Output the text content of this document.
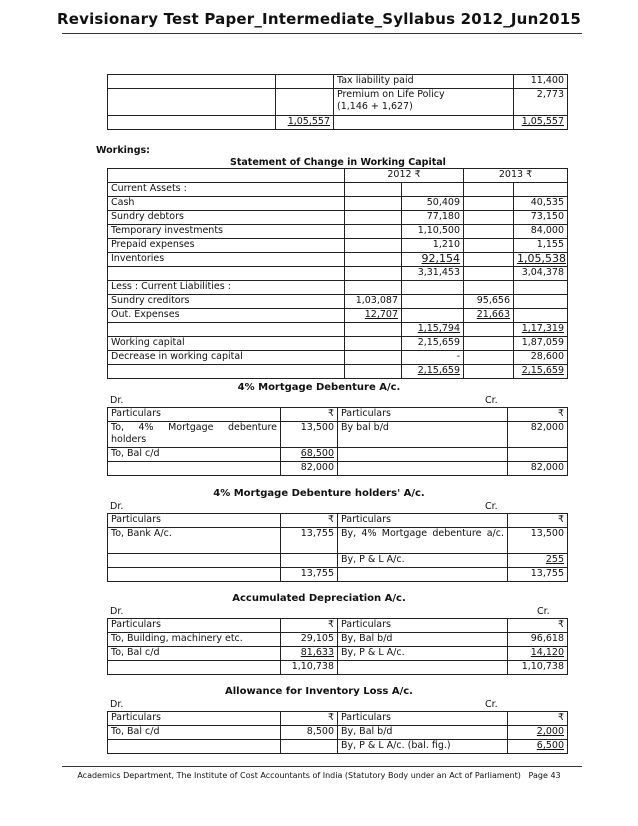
Revisionary Test Paper_Intermediate_Syllabus 2012_Jun2015
		Tax liability paid	11,400
		Premium on Life Policy
(1,146 + 1,627)	2,773
	1,05,557		1,05,557
Workings:
Statement of Change in Working Capital
	2012 ₹		2013 ₹	
Current Assets :				
Cash		50,409		40,535
Sundry debtors		77,180		73,150
Temporary investments		1,10,500		84,000
Prepaid expenses		1,210		1,155
Inventories		92,154		1,05,538
		3,31,453		3,04,378
Less : Current Liabilities :				
Sundry creditors	1,03,087		95,656	
Out. Expenses	12,707		21,663	
		1,15,794		1,17,319
Working capital		2,15,659		1,87,059
Decrease in working capital		-		28,600
		2,15,659		2,15,659
4% Mortgage Debenture A/c.
Dr.	Cr.
Particulars	₹	Particulars	₹
To, 4% Mortgage debenture holders	13,500	By bal b/d	82,000
To, Bal c/d	68,500		
	82,000		82,000
4% Mortgage Debenture holders' A/c.
Dr.	Cr.
Particulars	₹	Particulars	₹
To, Bank A/c.	13,755	By, 4% Mortgage debenture a/c.	13,500
		By, P & L A/c.	255
	13,755		13,755
Accumulated Depreciation A/c.
Dr.	Cr.
Particulars	₹	Particulars	₹
To, Building, machinery etc.	29,105	By, Bal b/d	96,618
To, Bal c/d	81,633	By, P & L A/c.	14,120
	1,10,738		1,10,738
Allowance for Inventory Loss A/c.
Dr.	Cr.
Particulars	₹	Particulars	₹
To, Bal c/d	8,500	By, Bal b/d	2,000
		By, P & L A/c. (bal. fig.)	6,500
Academics Department, The Institute of Cost Accountants of India (Statutory Body under an Act of Parliament) Page 43
